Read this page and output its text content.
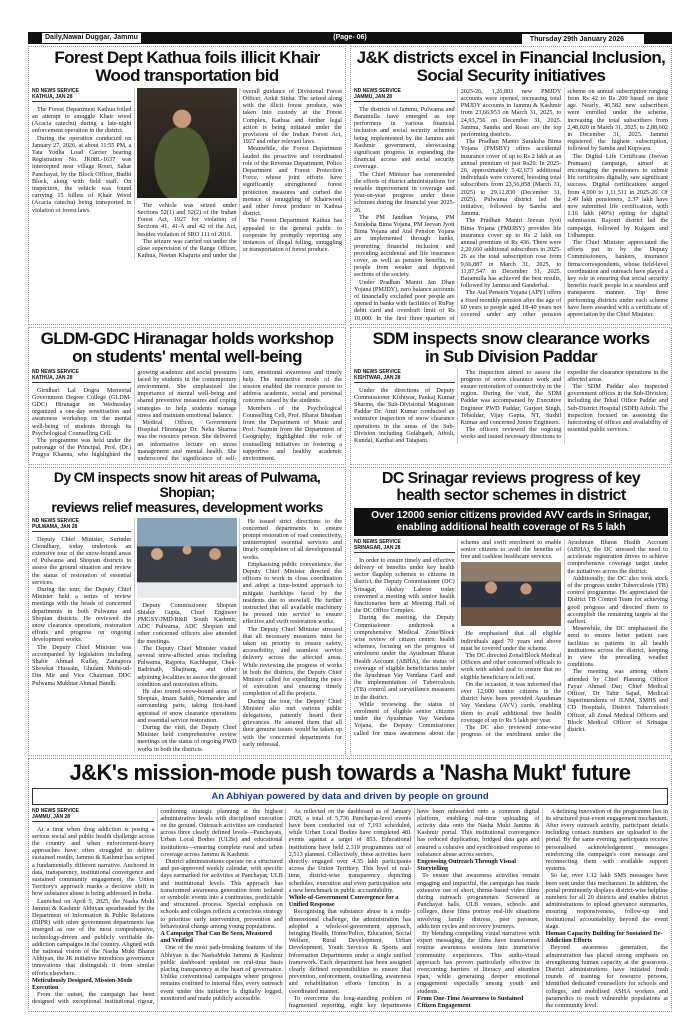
Daily,Nawai Duggar, Jammu	(Page- 06)	Thursday 29th January 2026
Forest Dept Kathua foils illicit Khair
Wood transportation bid
ND NEWS SERVICE
KATHUA, JAN 28

The Forest Department Kathua foiled an attempt to smuggle Khair wood (Acacia catechu) during a late-night enforcement operation in the district.

During the operation conducted on January 27, 2026, at about 11:55 PM, a Tata Yodha Load Carrier bearing Registration No. JK08L-1637 was intercepted near village Rouri, Sahar Panchayat, by the Block Officer, Budhi Block, along with field staff. On inspection, the vehicle was found carrying 15 billets of Khair Wood (Acacia catechu) being transported in violation of forest laws.

The vehicle was seized under Sections 52(1) and 52(2) of the Indian Forest Act, 1927 for violation of Sections 41, 41-A and 42 of the Act, besides violation of SRO 111 of 2016.

The seizure was carried out under the close supervision of the Range Officer, Kathua, Neetan Khajuria and under the overall guidance of Divisional Forest Officer, Ankit Sinha. The seized along with the illicit forest produce, was taken into custody at the Forest Complex, Kathua and further legal action is being initiated under the provisions of the Indian Forest Act, 1927 and other relevant laws.

Meanwhile, the Forest Department lauded the proactive and coordinated role of the Revenue Department, Police Department and Forest Protection Force, whose joint efforts have significantly strengthened forest protection measures and curbed the menace of smuggling of Khairwood and other forest produce in Kathua district.

The Forest Department Kathua has appealed to the general public to cooperate by promptly reporting any instances of illegal felling, smuggling or transportation of forest produce.

J&K districts excel in Financial Inclusion,
Social Security initiatives
ND NEWS SERVICE
JAMMU, JAN 28

The districts of Jammu, Pulwama and Baramulla have emerged as top performers in various financial inclusion and social security schemes being implemented by the Jammu and Kashmir government, showcasing significant progress in expanding the financial access and social security coverage.

The Chief Minister has commended the efforts of district administrations for notable improvement in coverage and year-on-year progress under these schemes during the financial year 2025-26.

The PM Jandhan Yojana, PM Suraksha Bima Yojana, PM Jeevan Jyoti Bima Yojana and Atal Pension Yojana are implemented through banks, promoting financial inclusion and providing accidental and life insurance cover, as well as pension benefits, to people from weaker and deprived sections of the society.

Under Pradhan Mantri Jan Dhan Yojana (PMJDY), zero balance accounts of financially excluded poor people are opened in banks with facilities of RuPay debit card and overdraft limit of Rs 10,000. In the first three quarters of 2025-26, 1,26,803 new PMJDY accounts were opened, increasing total PMJDY accounts in Jammu & Kashmir from 23,66,953 on March 31, 2025, to 24,93,756 on December 31, 2025. Jammu, Samba and Reasi are the top performing districts.

The Pradhan Mantri Suraksha Bima Yojana (PMSBY) offers accidental insurance cover of up to Rs 2 lakh at an annual premium of just Rs20. In 2025-26, approximately 5,42,673 additional individuals were covered, boosting total subscribers from 23,56,858 (March 31, 2025) to 29,12,830 (December 31, 2025). Pulwama district led the initiative, followed by Samba and Jammu.

The Pradhan Mantri Jeevan Jyoti Bima Yojana (PMJJBY) provides life insurance cover up to Rs 2 lakh on annual premium of Rs 436. There were 2,20,660 additional subscribers in 2025-26 as the total subscription rose from 9,66,887 in March 31, 2025, to 11,87,547 in December 31, 2025. Baramulla has achieved the best results, followed by Jammu and Ganderbal.

The Atal Pension Yojana (APY) offers a fixed monthly pension after the age of 60 years to people aged 18-40 years not covered under any other pension scheme on annual subscription ranging from Rs 42 to Rs 200 based on their age. Nearly, 40,582 new subscribers were enrolled under the scheme, increasing the total subscribers from 2,48,020 in March 31, 2025, to 2,88,602 in December 31, 2025. Jammu registered the highest subscription, followed by Samba and Kupwara.

The Digital Life Certificate (Jeevan Pramaan) campaign, aimed at encouraging the pensioners to submit life certificates digitally, saw significant success. Digital certifications surged from 4,000 to 1,11,511 in 2025-26. Of 2.49 lakh pensioners, 2.37 lakh have now submitted life certification, with 1.16 lakh (49%) opting for digital submission. Rajouri district led the campaign, followed by Kulgam and Udhampur.

The Chief Minister appreciated the efforts put in by the Deputy Commissioners, bankers, insurance firms/correspondents, whose field-level coordination and outreach have played a key role in ensuring that social security benefits reach people in a seamless and transparent manner. Top three performing districts under each scheme have been awarded with a certificate of appreciation by the Chief Minister.

GLDM-GDC Hiranagar holds workshop
on students' mental well-being
ND NEWS SERVICE
KATHUA, JAN 28

Giridhari Lal Dogra Memorial Government Degree College (GLDM-GDC) Hiranagar on Wednesday organized a one-day sensitisation and awareness workshop on the mental well-being of students through its Psychological Counselling Cell.

The programme was held under the patronage of the Principal, Prof. (Dr.) Pragya Khanna, who highlighted the growing academic and social pressures faced by students in the contemporary environment. She emphasized the importance of mental well-being and shared preventive measures and coping strategies to help students manage stress and maintain emotional balance.

Medical Officer, Government Hospital Hiranagar Dr. Neha Sharma was the resource person. She delivered an informative lecture on stress management and mental health. She underscored the significance of self-care, emotional awareness and timely help. The interactive mode of the session enabled the resource person to address academic, social and personal concerns raised by the students.

Members of the Psychological Counselling Cell, Prof. Bharat Bhushan from the Department of Music and Prof. Nazmin from the Department of Geography, highlighted the role of counselling initiatives in fostering a supportive and healthy academic environment.

SDM inspects snow clearance works
in Sub Division Paddar
ND NEWS SERVICE
KISHTWAR, JAN 28

Under the directions of Deputy Commissioner Kishtwar, Pankaj Kumar Sharma, the Sub-Divisional Magistrate Paddar Dr. Amit Kumar conducted an extensive inspection of snow clearance operations in the areas of the Sub-Division including Gulabgarh, Atholi, Kundal, Karthai and Tatapani.

The inspection aimed to assess the progress of snow clearance work and ensure restoration of connectivity in the region. During the visit, the SDM Paddar was accompanied by Executive Engineer PWD Paddar, Gurjeet Singh, Tehsildar, Vijay Gupta, NT, Sushil Kumar and concerned Junior Engineers.

The officers reviewed the ongoing works and issued necessary directions to expedite the clearance operations in the affected areas.

The SDM Paddar also inspected government offices in the Sub-Division, including the Tehsil Office Paddar and Sub-District Hospital (SDH) Atholi. The inspection focused on assessing the functioning of offices and availability of essential public services.

Dy CM inspects snow hit areas of Pulwama, Shopian;
reviews relief measures, development works
ND NEWS SERVICE
PULWAMA, JAN 28

Deputy Chief Minister, Surinder Choudhary, today undertook an extensive tour of the snow-bound areas of Pulwama and Shopian districts to assess the ground situation and review the status of restoration of essential services.

During the tour, the Deputy Chief Minister held a series of review meetings with the heads of concerned departments in both Pulwama and Shopian districts. He reviewed the snow clearance operations, restoration efforts and progress on ongoing development works.

The Deputy Chief Minister was accompanied by legislators including Shabir Ahmad Kullay, Zainapora Showkat Hussain, Ghulam Mohi-ud-Din Mir and Vice Chairman DDC Pulwama Mukhtar Ahmad Bandh.

Deputy Commissioner Shopian Shishir Gupta, Chief Engineer PMGSY/JMD/R&B South Kashmir, ADC Pulwama, ADC Shopian and other concerned officers also attended the meetings.

The Deputy Chief Minister visited several snow-affected areas including Pulwama, Rajpora, Kachhapur, Chek-Badrinath, Shajinarg, and other adjoining localities to assess the ground condition and restoration efforts.

He also toured snow-bound areas of Shopian, Imam Sahib, Nirmander and surrounding parts, taking first-hand appraisal of snow clearance operations and essential service restoration.

During the visit, the Deputy Chief Minister held comprehensive review meetings on the status of ongoing PWD works in both the districts.

He issued strict directions to the concerned departments to ensure prompt restoration of road connectivity, uninterrupted essential services and timely completion of all developmental works.

Emphasising public convenience, the Deputy Chief Minister directed the officers to work in close coordination and adopt a time-bound approach to mitigate hardships faced by the residents due to snowfall. He further instructed that all available machinery be pressed into service to ensure effective and swift restoration works.

The Deputy Chief Minister stressed that all necessary measures must be taken on priority to ensure safety, accessibility, and seamless service delivery across the affected areas. While reviewing the progress of works in both the districts, the Deputy Chief Minister called for expediting the pace of execution and ensuring timely completion of all the projects.

During the tour, the Deputy Chief Minister also met various public delegations, patiently heard their grievances. He assured them that all their genuine issues would be taken up with the concerned departments for early redressal.

DC Srinagar reviews progress of key
health sector schemes in district
Over 12000 senior citizens provided AVV cards in Srinagar, enabling additional health coverage of Rs 5 lakh
ND NEWS SERVICE
SRINAGAR, JAN 28

In order to ensure timely and effective delivery of benefits under key health sector flagship schemes to citizens in district, the Deputy Commissioner (DC) Srinagar, Akshay Labroo today convened a meeting with senior health functionaries here at Meeting Hall of the DC Office Complex.

During the meeting, the Deputy Commissioner undertook a comprehensive Medical Zone/Block wise review of citizen centric health schemes, focusing on the progress of enrolment under the Ayushman Bharat Health Account (ABHA), the status of coverage of eligible beneficiaries under the Ayushman Vay Vandana Card and the implementation of Tuberculosis (TB) control and surveillance measures in the district.

While reviewing the status of enrolment of eligible senior citizens under the Ayushman Vay Vandana Yojana, the Deputy Commissioner called for mass awareness about the scheme and swift enrolment to enable senior citizens to avail the benefits of free and cashless healthcare services.

He emphasised that all eligible individuals aged 70 years and above must be covered under the scheme.

The DC directed Zonal/Block Medical Officers and other concerned officials to work with added zeal to ensure that no eligible beneficiary is left out.

On the occasion, it was informed that over 12,000 senior citizens in the district have been provided Ayushman Vay Vandana (AVV) cards, enabling them to avail additional free health coverage of up to Rs 5 lakh per year.

The DC also reviewed zone-wise progress of the enrolment under the Ayushman Bharat Health Account (ABHA), the DC stressed the need to accelerate registration drives to achieve comprehensive coverage target under the initiatives across the district.

Additionally, the DC also took stock of the progress under Tuberculosis (TB) control programme. He appreciated the District TB Control Team for achieving good progress and directed them to accomplish the remaining targets at the earliest.

Meanwhile, the DC emphasised the need to ensure better patient care facilities to patients in all health institutions across the district, keeping in view the prevailing weather conditions.

The meeting was among others attended by Chief Planning Officer Fayaz Ahmad Dar; Chief Medical Officer, Dr Tahir Sajad, Medical Superintendents of JLNM, SMHS and CD Hospitals, District Tuberculosis Officer, all Zonal Medical Officers and Block Medical Officer of Srinagar district.

J&K's mission-mode push towards a 'Nasha Mukt' future
An Abhiyan powered by data and driven by people on ground
ND NEWS SERVICE
JAMMU, JAN 28

At a time when drug addiction is posing a serious social and public health challenge across the country and when enforcement-heavy approaches have often struggled to deliver sustained results, Jammu & Kashmir has scripted a fundamentally different narrative. Anchored in data, transparency, institutional convergence and sustained community engagement, the Union Territory's approach marks a decisive shift in how substance abuse is being addressed in India.

Launched on April 5, 2025, the Nasha Mukt Jammu & Kashmir Abhiyan spearheaded by the Department of Information & Public Relations (DIPR) with other government departments has emerged as one of the most comprehensive, technology-driven and publicly verifiable de-addiction campaigns in the country. Aligned with the national vision of the Nasha Mukt Bharat Abhiyan, the JK initiative introduces governance innovations that distinguish it from similar efforts elsewhere.

Meticulously Designed, Mission-Mode Execution

From the outset, the campaign has been designed with exceptional institutional rigour, combining strategic planning at the highest administrative levels with disciplined execution on the ground. Outreach activities are conducted across three clearly defined levels—Panchayats, Urban Local Bodies (ULBs) and educational institutions—ensuring complete rural and urban coverage across Jammu & Kashmir.

District administrations operate on a structured and pre-approved weekly calendar, with specific days earmarked for activities at Panchayat, ULB and institutional levels. This approach has transformed awareness generation from isolated or symbolic events into a continuous, predictable and structured process. Special emphasis on schools and colleges reflects a conscious strategy to prioritise early intervention, prevention and behavioural change among young populations.

A Campaign That Can Be Seen, Measured and Verified

One of the most path-breaking features of the Abhiyan is the NashaMukt Jammu & Kashmir public dashboard updated on real-time basis placing transparency at the heart of governance. Unlike conventional campaigns where progress remains confined to internal files, every outreach event under this initiative is digitally logged, monitored and made publicly accessible.

As reflected on the dashboard as of January 2026, a total of 5,736 Panchayat-level events have been conducted out of 7,193 scheduled, while Urban Local Bodies have completed 481 events against a target of 853. Educational institutions have held 2,319 programmes out of 2,513 planned. Collectively, these activities have directly engaged over 4.35 lakh participants across the Union Territory. This level of real-time, district-wise transparency depicting schedules, execution and even participation sets a new benchmark in public accountability.

Whole-of-Government Convergence for a Unified Response

Recognising that substance abuse is a multi-dimensional challenge, the administration has adopted a whole-of-government approach, bringing Health, Home/Police, Education, Social Welfare, Rural Development, Urban Development, Youth Services & Sports and Information Departments under a single unified framework. Each department has been assigned clearly defined responsibilities to ensure that prevention, enforcement, counselling, awareness and rehabilitation efforts function in a coordinated manner.

To overcome the long-standing problem of fragmented reporting, eight key departments have been onboarded onto a common digital platform, enabling real-time uploading of activity data onto the Nasha Mukt Jammu & Kashmir portal. This institutional convergence has reduced duplication, bridged data gaps and ensured a cohesive and synchronised response to substance abuse across sectors.

Engrossing Outreach Through Visual Storytelling

To ensure that awareness activities remain engaging and impactful, the campaign has made extensive use of short, theme-based video films during outreach programmes. Screened at Panchayat halls, ULB venues, schools and colleges, these films portray real-life situations involving family distress, peer pressure, addiction cycles and recovery journeys.

By blending compelling visual narratives with expert messaging, the films have transformed routine awareness sessions into immersive community experiences. This audio-visual approach has proven particularly effective in overcoming barriers of literacy and attention span, while generating deeper emotional engagement especially among youth and students.

From One-Time Awareness to Sustained Citizen Engagement

A defining innovation of the programme lies in its structured post-event engagement mechanism. After every outreach activity, participant details including contact numbers are uploaded to the portal. By the same evening, participants receive personalised acknowledgement messages reinforcing the campaign's core message and reconnecting them with available support systems.

So far, over 1.12 lakh SMS messages have been sent under this mechanism. In addition, the portal prominently displays district-wise helpline numbers for all 20 districts and enables district administrations to upload grievance summaries, ensuring responsiveness, follow-up and institutional accountability beyond the event stage.

Human Capacity Building for Sustained De-Addiction Efforts

Beyond awareness generation, the administration has placed strong emphasis on strengthening human capacity at the grassroots. District administrations have initiated fresh rounds of training for resource persons, identified dedicated counsellors for schools and colleges, and mobilised ASHA workers and paramedics to reach vulnerable populations at the community level.
